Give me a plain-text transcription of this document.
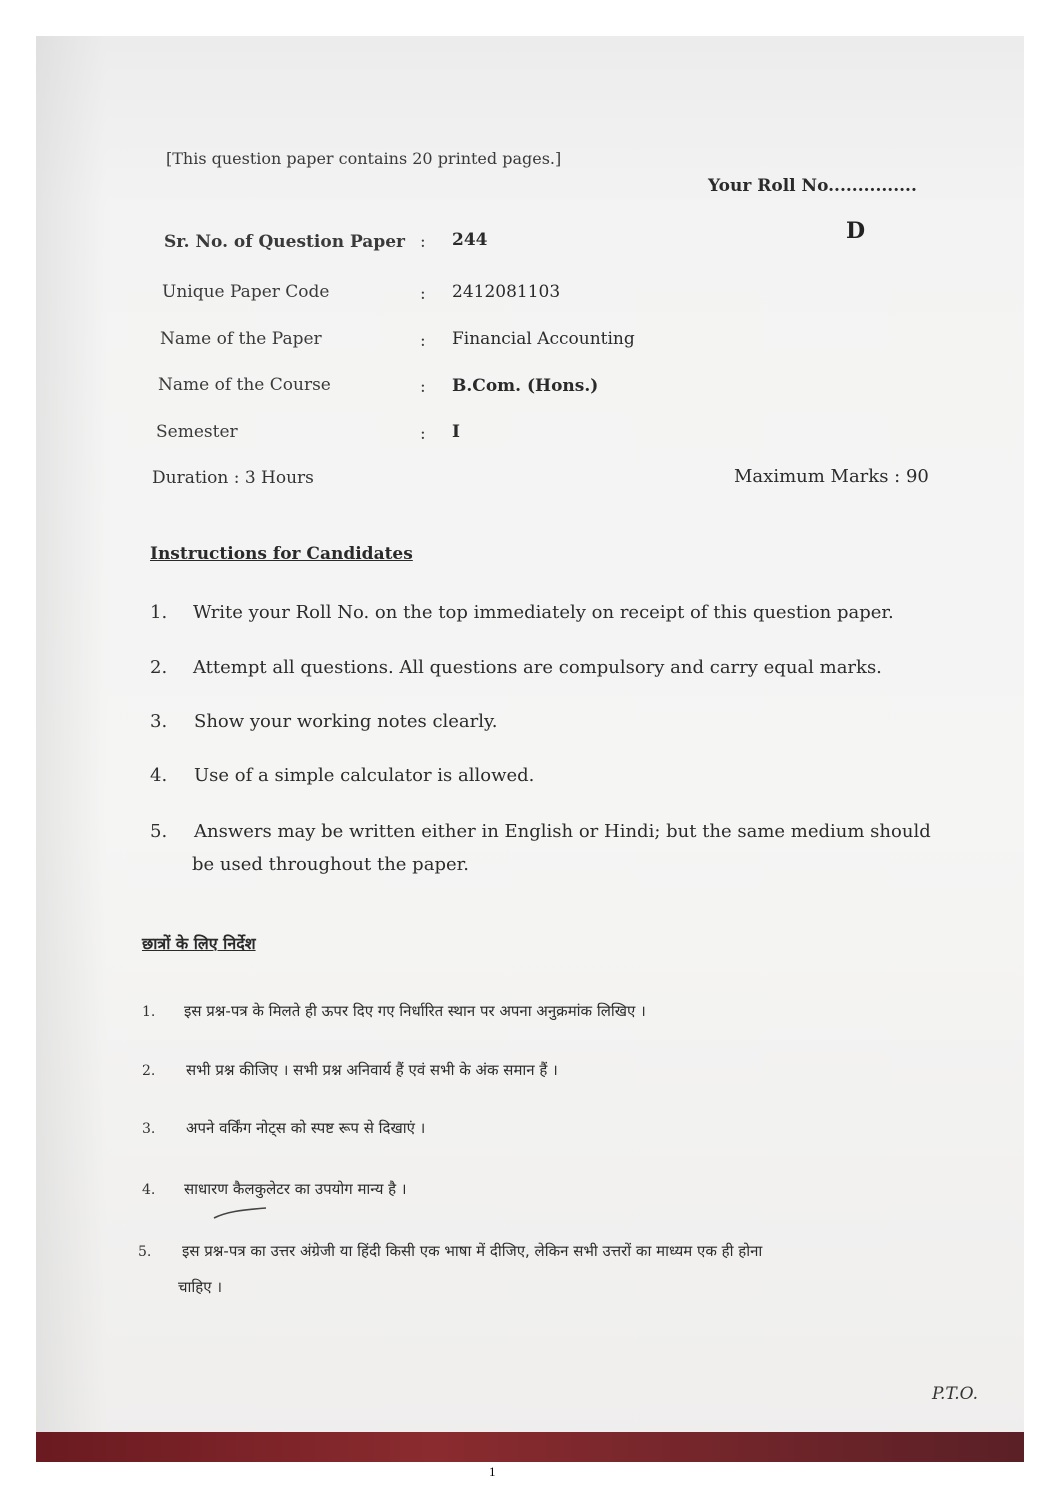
[This question paper contains 20 printed pages.]
Your Roll No...............
D
Sr. No. of Question Paper : 244
Unique Paper Code	: 2412081103
Name of the Paper	: Financial Accounting
Name of the Course	: B.Com. (Hons.)
Semester	: I
Duration : 3 Hours	Maximum Marks : 90
Instructions for Candidates
1. Write your Roll No. on the top immediately on receipt of this question paper.
2. Attempt all questions. All questions are compulsory and carry equal marks.
3. Show your working notes clearly.
4. Use of a simple calculator is allowed.
5. Answers may be written either in English or Hindi; but the same medium should
be used throughout the paper.
छात्रों के लिए निर्देश
1. इस प्रश्न-पत्र के मिलते ही ऊपर दिए गए निर्धारित स्थान पर अपना अनुक्रमांक लिखिए ।
2. सभी प्रश्न कीजिए । सभी प्रश्न अनिवार्य हैं एवं सभी के अंक समान हैं ।
3. अपने वर्किंग नोट्स को स्पष्ट रूप से दिखाएं ।
4. साधारण कैलकुलेटर का उपयोग मान्य है ।
5. इस प्रश्न-पत्र का उत्तर अंग्रेजी या हिंदी किसी एक भाषा में दीजिए, लेकिन सभी उत्तरों का माध्यम एक ही होना
चाहिए ।
P.T.O.
1
